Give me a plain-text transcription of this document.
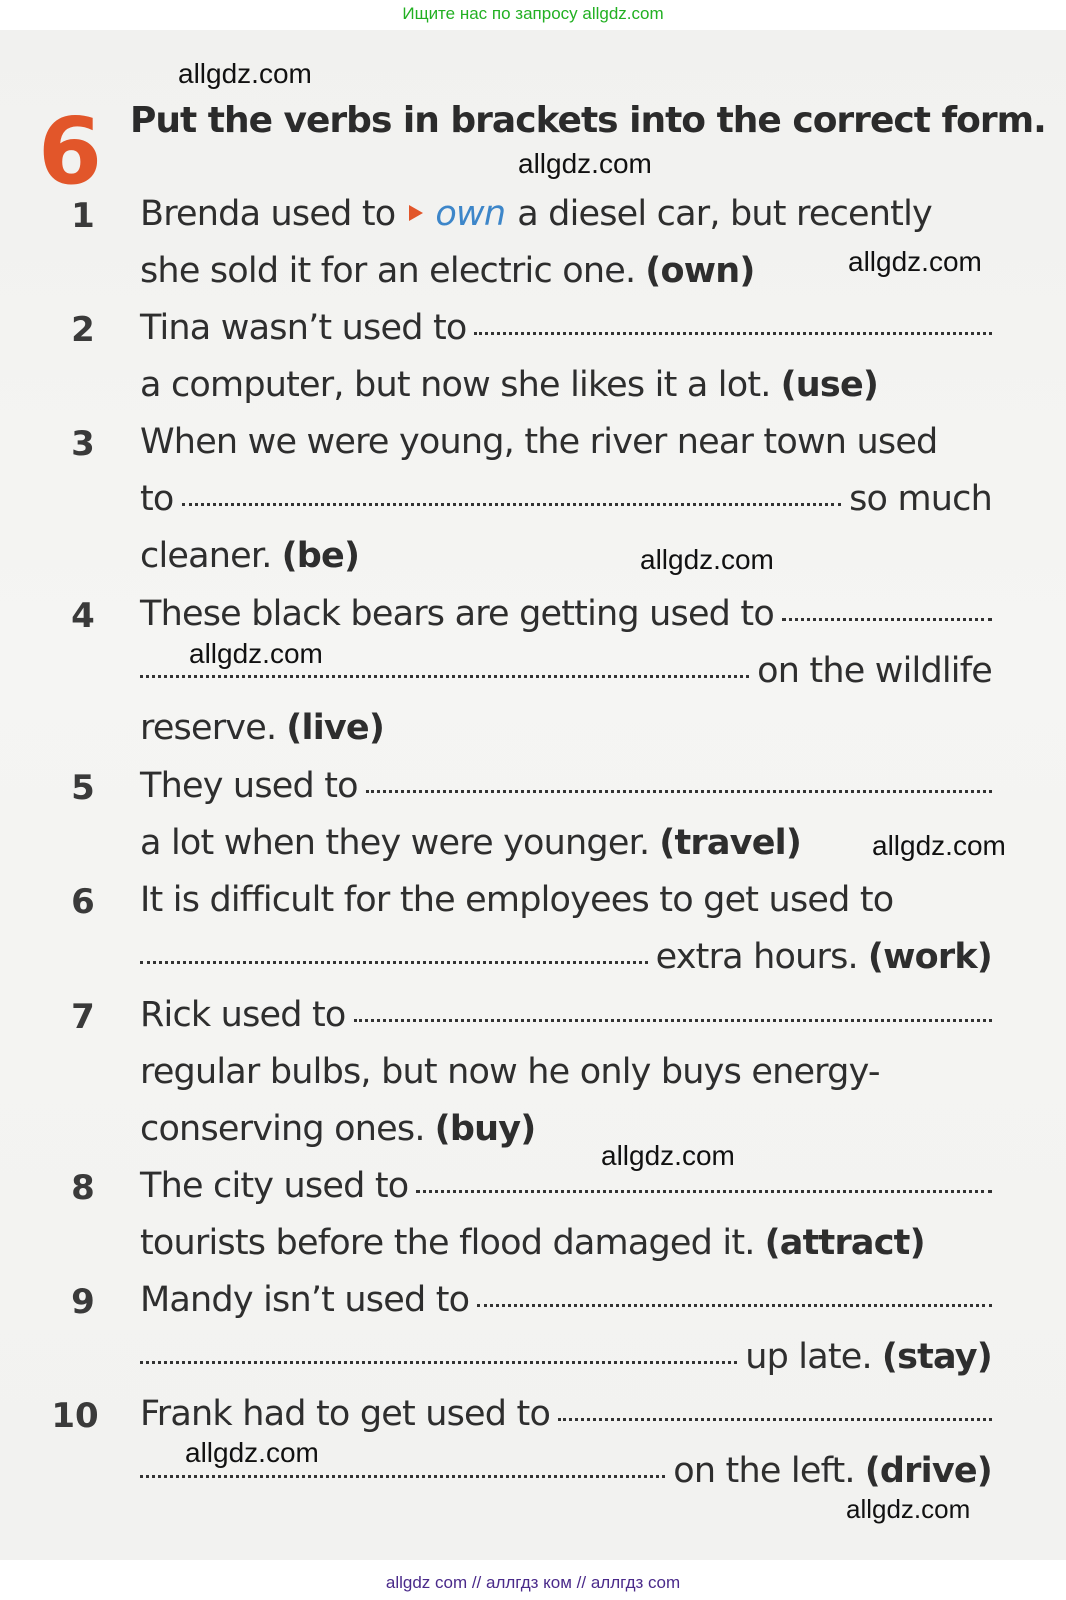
Ищите нас по запросу allgdz.com
6 Put the verbs in brackets into the correct form.
1	Brenda used to own a diesel car, but recently
she sold it for an electric one. (own)
2	Tina wasn’t used to
a computer, but now she likes it a lot. (use)
3	When we were young, the river near town used
to	so much
cleaner. (be)
4	These black bears are getting used to
on the wildlife
reserve. (live)
5	They used to
a lot when they were younger. (travel)
6	It is difficult for the employees to get used to
extra hours. (work)
7	Rick used to
regular bulbs, but now he only buys energy-
conserving ones. (buy)
8	The city used to
tourists before the flood damaged it. (attract)
9	Mandy isn’t used to
up late. (stay)
10	Frank had to get used to
on the left. (drive)
allgdz.com
allgdz.com
allgdz.com
allgdz.com
allgdz.com
allgdz.com
allgdz.com
allgdz.com
allgdz.com
allgdz com // аллгдз ком // аллгдз com
